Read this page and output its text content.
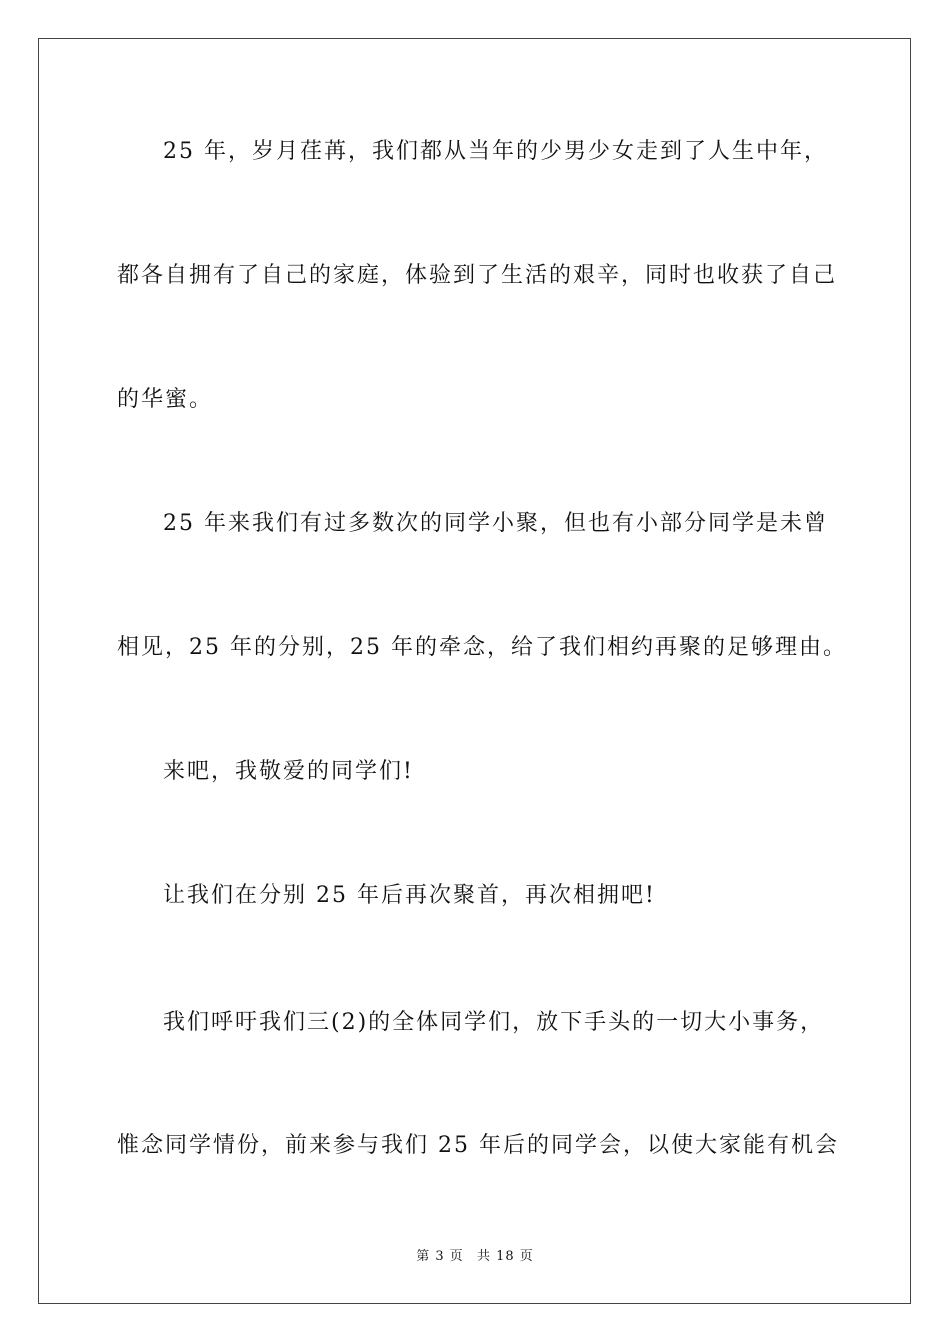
25 年，岁月荏苒，我们都从当年的少男少女走到了人生中年，
都各自拥有了自己的家庭，体验到了生活的艰辛，同时也收获了自己
的华蜜。
25 年来我们有过多数次的同学小聚，但也有小部分同学是未曾
相见，25 年的分别，25 年的牵念，给了我们相约再聚的足够理由。
来吧，我敬爱的同学们!
让我们在分别 25 年后再次聚首，再次相拥吧!
我们呼吁我们三(2)的全体同学们，放下手头的一切大小事务，
惟念同学情份，前来参与我们 25 年后的同学会，以使大家能有机会
第 3 页 共 18 页
